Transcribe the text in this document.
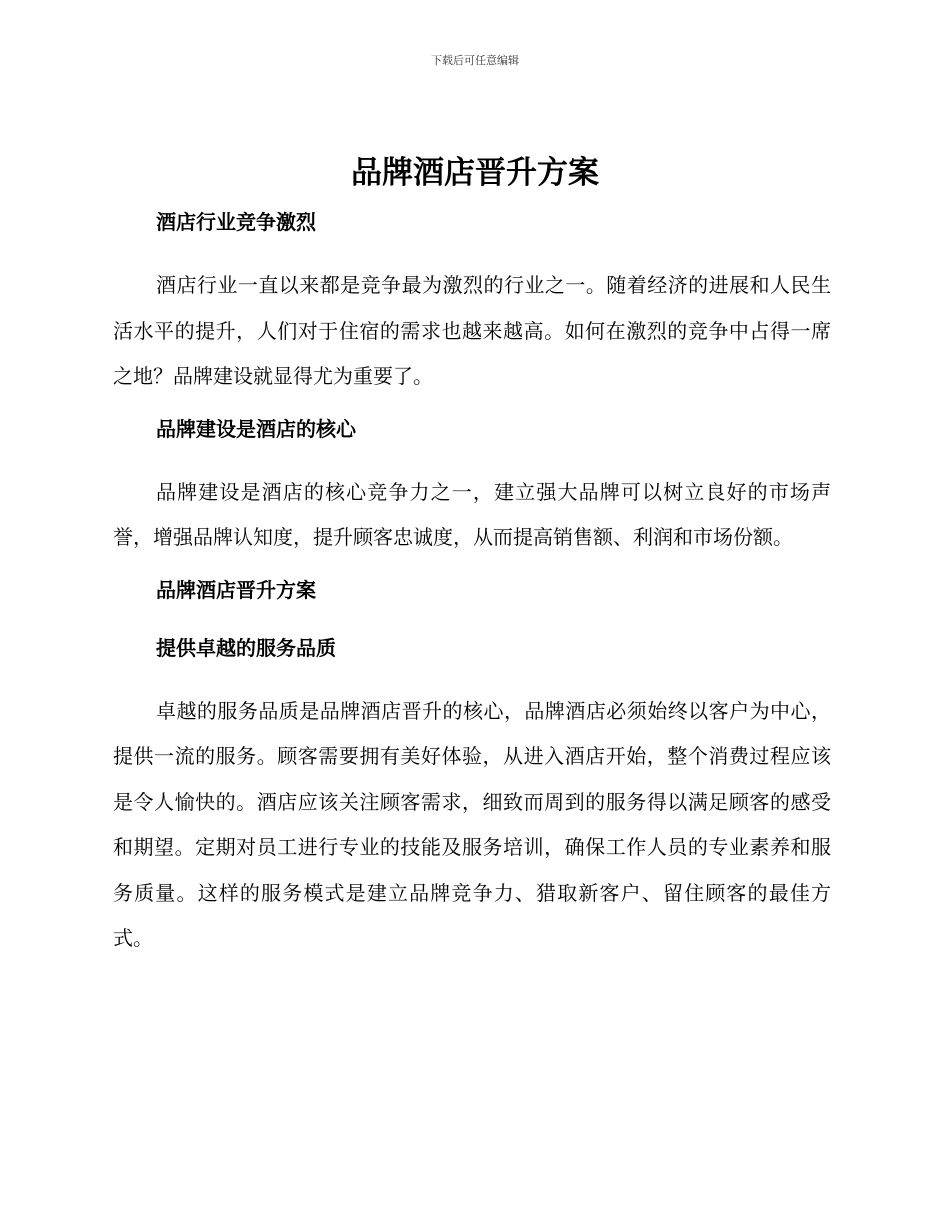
下载后可任意编辑
品牌酒店晋升方案

酒店行业竞争激烈

酒店行业一直以来都是竞争最为激烈的行业之一。随着经济的进展和人民生活水平的提升，人们对于住宿的需求也越来越高。如何在激烈的竞争中占得一席之地？品牌建设就显得尤为重要了。

品牌建设是酒店的核心

品牌建设是酒店的核心竞争力之一，建立强大品牌可以树立良好的市场声誉，增强品牌认知度，提升顾客忠诚度，从而提高销售额、利润和市场份额。

品牌酒店晋升方案

提供卓越的服务品质

卓越的服务品质是品牌酒店晋升的核心，品牌酒店必须始终以客户为中心，提供一流的服务。顾客需要拥有美好体验，从进入酒店开始，整个消费过程应该是令人愉快的。酒店应该关注顾客需求，细致而周到的服务得以满足顾客的感受和期望。定期对员工进行专业的技能及服务培训，确保工作人员的专业素养和服务质量。这样的服务模式是建立品牌竞争力、猎取新客户、留住顾客的最佳方式。
